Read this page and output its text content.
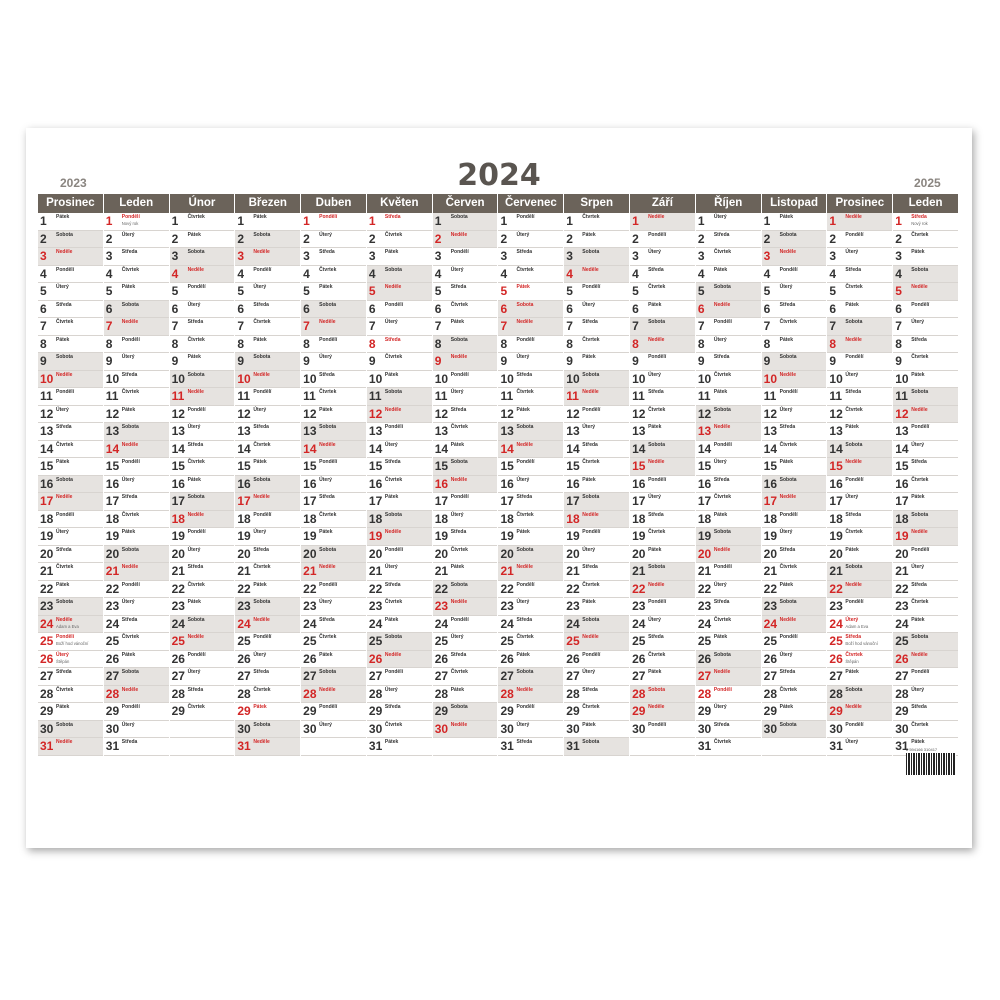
2024
2023	2025
Prosinec
1 Pátek
2 Sobota
3 Neděle
4 Pondělí
5 Úterý
6 Středa
7 Čtvrtek
8 Pátek
9 Sobota
10 Neděle
11 Pondělí
12 Úterý
13 Středa
14 Čtvrtek
15 Pátek
16 Sobota
17 Neděle
18 Pondělí
19 Úterý
20 Středa
21 Čtvrtek
22 Pátek
23 Sobota
24 Neděle
Adam a Eva
25 Pondělí
Boží hod vánoční
26 Úterý
Štěpán
27 Středa
28 Čtvrtek
29 Pátek
30 Sobota
31 Neděle
Leden
1 Pondělí
Nový rok
2 Úterý
3 Středa
4 Čtvrtek
5 Pátek
6 Sobota
7 Neděle
8 Pondělí
9 Úterý
10 Středa
11 Čtvrtek
12 Pátek
13 Sobota
14 Neděle
15 Pondělí
16 Úterý
17 Středa
18 Čtvrtek
19 Pátek
20 Sobota
21 Neděle
22 Pondělí
23 Úterý
24 Středa
25 Čtvrtek
26 Pátek
27 Sobota
28 Neděle
29 Pondělí
30 Úterý
31 Středa
Únor
1 Čtvrtek
2 Pátek
3 Sobota
4 Neděle
5 Pondělí
6 Úterý
7 Středa
8 Čtvrtek
9 Pátek
10 Sobota
11 Neděle
12 Pondělí
13 Úterý
14 Středa
15 Čtvrtek
16 Pátek
17 Sobota
18 Neděle
19 Pondělí
20 Úterý
21 Středa
22 Čtvrtek
23 Pátek
24 Sobota
25 Neděle
26 Pondělí
27 Úterý
28 Středa
29 Čtvrtek
Březen
1 Pátek
2 Sobota
3 Neděle
4 Pondělí
5 Úterý
6 Středa
7 Čtvrtek
8 Pátek
9 Sobota
10 Neděle
11 Pondělí
12 Úterý
13 Středa
14 Čtvrtek
15 Pátek
16 Sobota
17 Neděle
18 Pondělí
19 Úterý
20 Středa
21 Čtvrtek
22 Pátek
23 Sobota
24 Neděle
25 Pondělí
26 Úterý
27 Středa
28 Čtvrtek
29 Pátek
30 Sobota
31 Neděle
Duben
1 Pondělí
2 Úterý
3 Středa
4 Čtvrtek
5 Pátek
6 Sobota
7 Neděle
8 Pondělí
9 Úterý
10 Středa
11 Čtvrtek
12 Pátek
13 Sobota
14 Neděle
15 Pondělí
16 Úterý
17 Středa
18 Čtvrtek
19 Pátek
20 Sobota
21 Neděle
22 Pondělí
23 Úterý
24 Středa
25 Čtvrtek
26 Pátek
27 Sobota
28 Neděle
29 Pondělí
30 Úterý
Květen
1 Středa
2 Čtvrtek
3 Pátek
4 Sobota
5 Neděle
6 Pondělí
7 Úterý
8 Středa
9 Čtvrtek
10 Pátek
11 Sobota
12 Neděle
13 Pondělí
14 Úterý
15 Středa
16 Čtvrtek
17 Pátek
18 Sobota
19 Neděle
20 Pondělí
21 Úterý
22 Středa
23 Čtvrtek
24 Pátek
25 Sobota
26 Neděle
27 Pondělí
28 Úterý
29 Středa
30 Čtvrtek
31 Pátek
Červen
1 Sobota
2 Neděle
3 Pondělí
4 Úterý
5 Středa
6 Čtvrtek
7 Pátek
8 Sobota
9 Neděle
10 Pondělí
11 Úterý
12 Středa
13 Čtvrtek
14 Pátek
15 Sobota
16 Neděle
17 Pondělí
18 Úterý
19 Středa
20 Čtvrtek
21 Pátek
22 Sobota
23 Neděle
24 Pondělí
25 Úterý
26 Středa
27 Čtvrtek
28 Pátek
29 Sobota
30 Neděle
Červenec
1 Pondělí
2 Úterý
3 Středa
4 Čtvrtek
5 Pátek
6 Sobota
7 Neděle
8 Pondělí
9 Úterý
10 Středa
11 Čtvrtek
12 Pátek
13 Sobota
14 Neděle
15 Pondělí
16 Úterý
17 Středa
18 Čtvrtek
19 Pátek
20 Sobota
21 Neděle
22 Pondělí
23 Úterý
24 Středa
25 Čtvrtek
26 Pátek
27 Sobota
28 Neděle
29 Pondělí
30 Úterý
31 Středa
Srpen
1 Čtvrtek
2 Pátek
3 Sobota
4 Neděle
5 Pondělí
6 Úterý
7 Středa
8 Čtvrtek
9 Pátek
10 Sobota
11 Neděle
12 Pondělí
13 Úterý
14 Středa
15 Čtvrtek
16 Pátek
17 Sobota
18 Neděle
19 Pondělí
20 Úterý
21 Středa
22 Čtvrtek
23 Pátek
24 Sobota
25 Neděle
26 Pondělí
27 Úterý
28 Středa
29 Čtvrtek
30 Pátek
31 Sobota
Září
1 Neděle
2 Pondělí
3 Úterý
4 Středa
5 Čtvrtek
6 Pátek
7 Sobota
8 Neděle
9 Pondělí
10 Úterý
11 Středa
12 Čtvrtek
13 Pátek
14 Sobota
15 Neděle
16 Pondělí
17 Úterý
18 Středa
19 Čtvrtek
20 Pátek
21 Sobota
22 Neděle
23 Pondělí
24 Úterý
25 Středa
26 Čtvrtek
27 Pátek
28 Sobota
29 Neděle
30 Pondělí
Říjen
1 Úterý
2 Středa
3 Čtvrtek
4 Pátek
5 Sobota
6 Neděle
7 Pondělí
8 Úterý
9 Středa
10 Čtvrtek
11 Pátek
12 Sobota
13 Neděle
14 Pondělí
15 Úterý
16 Středa
17 Čtvrtek
18 Pátek
19 Sobota
20 Neděle
21 Pondělí
22 Úterý
23 Středa
24 Čtvrtek
25 Pátek
26 Sobota
27 Neděle
28 Pondělí
29 Úterý
30 Středa
31 Čtvrtek
Listopad
1 Pátek
2 Sobota
3 Neděle
4 Pondělí
5 Úterý
6 Středa
7 Čtvrtek
8 Pátek
9 Sobota
10 Neděle
11 Pondělí
12 Úterý
13 Středa
14 Čtvrtek
15 Pátek
16 Sobota
17 Neděle
18 Pondělí
19 Úterý
20 Středa
21 Čtvrtek
22 Pátek
23 Sobota
24 Neděle
25 Pondělí
26 Úterý
27 Středa
28 Čtvrtek
29 Pátek
30 Sobota
Prosinec
1 Neděle
2 Pondělí
3 Úterý
4 Středa
5 Čtvrtek
6 Pátek
7 Sobota
8 Neděle
9 Pondělí
10 Úterý
11 Středa
12 Čtvrtek
13 Pátek
14 Sobota
15 Neděle
16 Pondělí
17 Úterý
18 Středa
19 Čtvrtek
20 Pátek
21 Sobota
22 Neděle
23 Pondělí
24 Úterý
Adam a Eva
25 Středa
Boží hod vánoční
26 Čtvrtek
Štěpán
27 Pátek
28 Sobota
29 Neděle
30 Pondělí
31 Úterý
Leden
1 Středa
Nový rok
2 Čtvrtek
3 Pátek
4 Sobota
5 Neděle
6 Pondělí
7 Úterý
8 Středa
9 Čtvrtek
10 Pátek
11 Sobota
12 Neděle
13 Pondělí
14 Úterý
15 Středa
16 Čtvrtek
17 Pátek
18 Sobota
19 Neděle
20 Pondělí
21 Úterý
22 Středa
23 Čtvrtek
24 Pátek
25 Sobota
26 Neděle
27 Pondělí
28 Úterý
29 Středa
30 Čtvrtek
31 Pátek
8 594166 310417
